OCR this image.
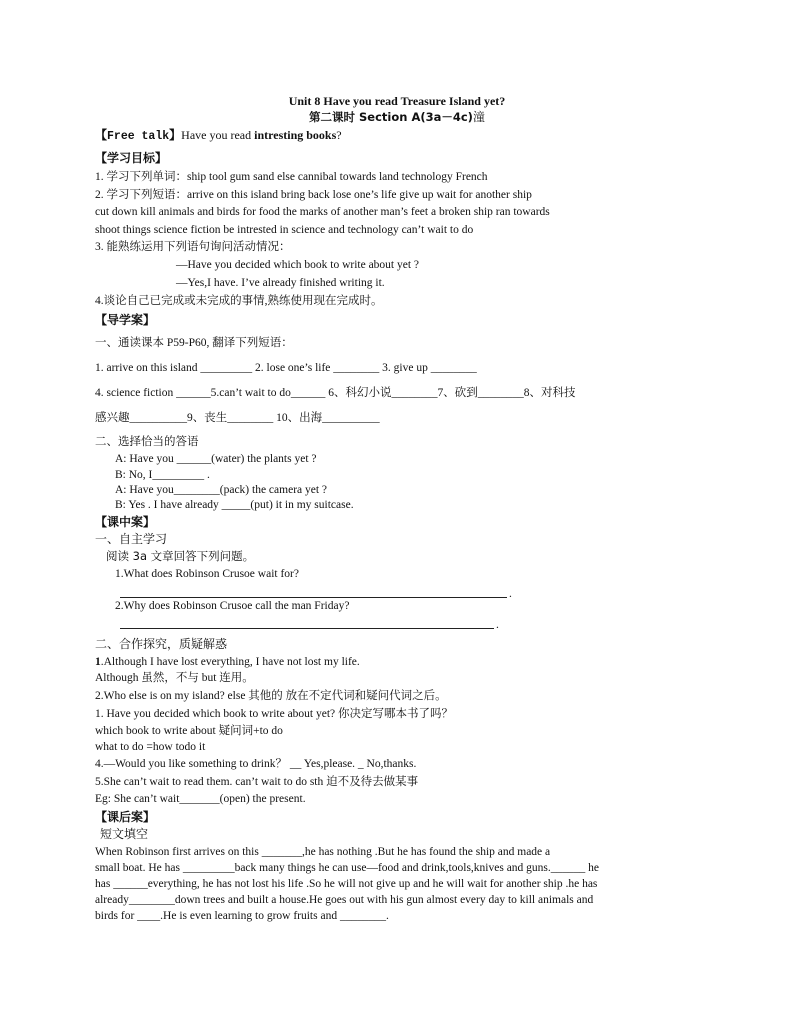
Unit 8 Have you read Treasure Island yet?
第二课时 Section A(3a－4c)潼
【Free talk】Have you read intresting books?
【学习目标】
1. 学习下列单词：ship tool gum sand else cannibal towards land technology French
2. 学习下列短语：arrive on this island bring back lose one’s life give up wait for another ship
cut down kill animals and birds for food the marks of another man’s feet a broken ship ran towards
shoot things science fiction be intrested in science and technology can’t wait to do
3. 能熟练运用下列语句询问活动情况：
—Have you decided which book to write about yet ?
—Yes,I have. I’ve already finished writing it.
4.谈论自己已完成或未完成的事情,熟练使用现在完成时。
【导学案】
一、通读课本 P59-P60, 翻译下列短语：
1. arrive on this island _________ 2. lose one’s life ________ 3. give up ________
4. science fiction ______5.can’t wait to do______ 6、科幻小说________7、砍到________8、对科技
感兴趣__________9、丧生________ 10、出海__________
二、选择恰当的答语
A: Have you ______(water) the plants yet ?
B: No, I_________ .
A: Have you________(pack) the camera yet ?
B: Yes . I have already _____(put) it in my suitcase.
【课中案】
一、自主学习
阅读 3a 文章回答下列问题。
1.What does Robinson Crusoe wait for?
.
2.Why does Robinson Crusoe call the man Friday?
.
二、合作探究，质疑解惑
1.Although I have lost everything, I have not lost my life.
Although 虽然，不与 but 连用。
2.Who else is on my island? else 其他的 放在不定代词和疑问代词之后。
1. Have you decided which book to write about yet? 你决定写哪本书了吗？
which book to write about 疑问词+to do
what to do =how todo it
4.—Would you like something to drink？ __ Yes,please. _ No,thanks.
5.She can’t wait to read them. can’t wait to do sth 迫不及待去做某事
Eg: She can’t wait_______(open) the present.
【课后案】
短文填空
When Robinson first arrives on this _______,he has nothing .But he has found the ship and made a
small boat. He has _________back many things he can use—food and drink,tools,knives and guns.______ he
has ______everything, he has not lost his life .So he will not give up and he will wait for another ship .he has
already________down trees and built a house.He goes out with his gun almost every day to kill animals and
birds for ____.He is even learning to grow fruits and ________.
